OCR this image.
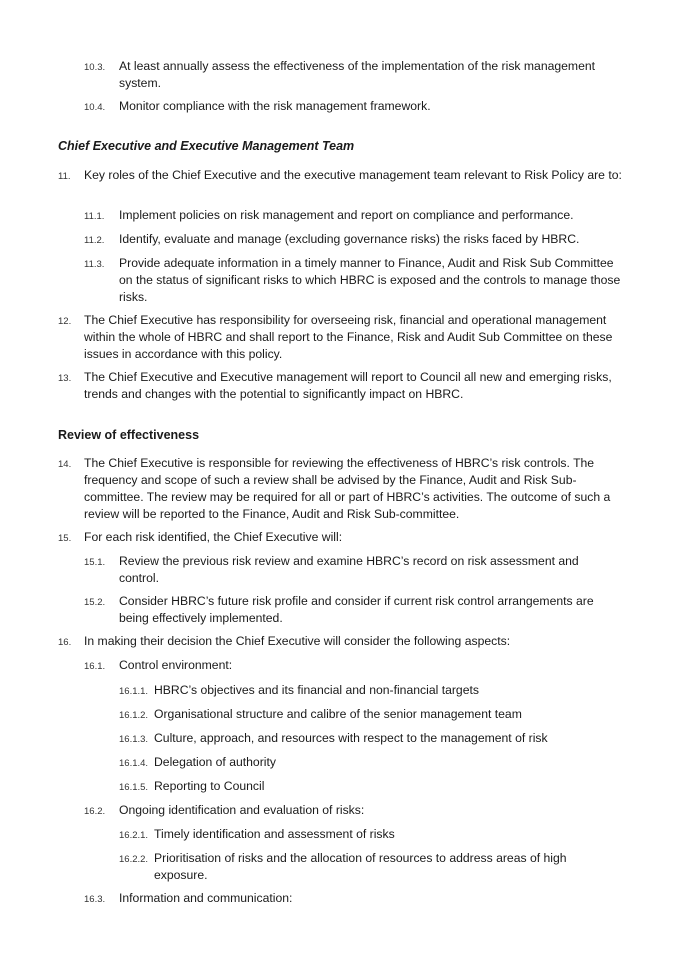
10.3.	At least annually assess the effectiveness of the implementation of the risk management system.
10.4.	Monitor compliance with the risk management framework.
Chief Executive and Executive Management Team
11.	Key roles of the Chief Executive and the executive management team relevant to Risk Policy are to:
11.1.	Implement policies on risk management and report on compliance and performance.
11.2.	Identify, evaluate and manage (excluding governance risks) the risks faced by HBRC.
11.3.	Provide adequate information in a timely manner to Finance, Audit and Risk Sub Committee on the status of significant risks to which HBRC is exposed and the controls to manage those risks.
12.	The Chief Executive has responsibility for overseeing risk, financial and operational management within the whole of HBRC and shall report to the Finance, Risk and Audit Sub Committee on these issues in accordance with this policy.
13.	The Chief Executive and Executive management will report to Council all new and emerging risks, trends and changes with the potential to significantly impact on HBRC.
Review of effectiveness
14.	The Chief Executive is responsible for reviewing the effectiveness of HBRC’s risk controls. The frequency and scope of such a review shall be advised by the Finance, Audit and Risk Sub-committee. The review may be required for all or part of HBRC’s activities. The outcome of such a review will be reported to the Finance, Audit and Risk Sub-committee.
15.	For each risk identified, the Chief Executive will:
15.1.	Review the previous risk review and examine HBRC’s record on risk assessment and control.
15.2.	Consider HBRC’s future risk profile and consider if current risk control arrangements are being effectively implemented.
16.	In making their decision the Chief Executive will consider the following aspects:
16.1.	Control environment:
16.1.1. HBRC’s objectives and its financial and non-financial targets
16.1.2. Organisational structure and calibre of the senior management team
16.1.3. Culture, approach, and resources with respect to the management of risk
16.1.4. Delegation of authority
16.1.5. Reporting to Council
16.2.	Ongoing identification and evaluation of risks:
16.2.1. Timely identification and assessment of risks
16.2.2. Prioritisation of risks and the allocation of resources to address areas of high exposure.
16.3.	Information and communication:
